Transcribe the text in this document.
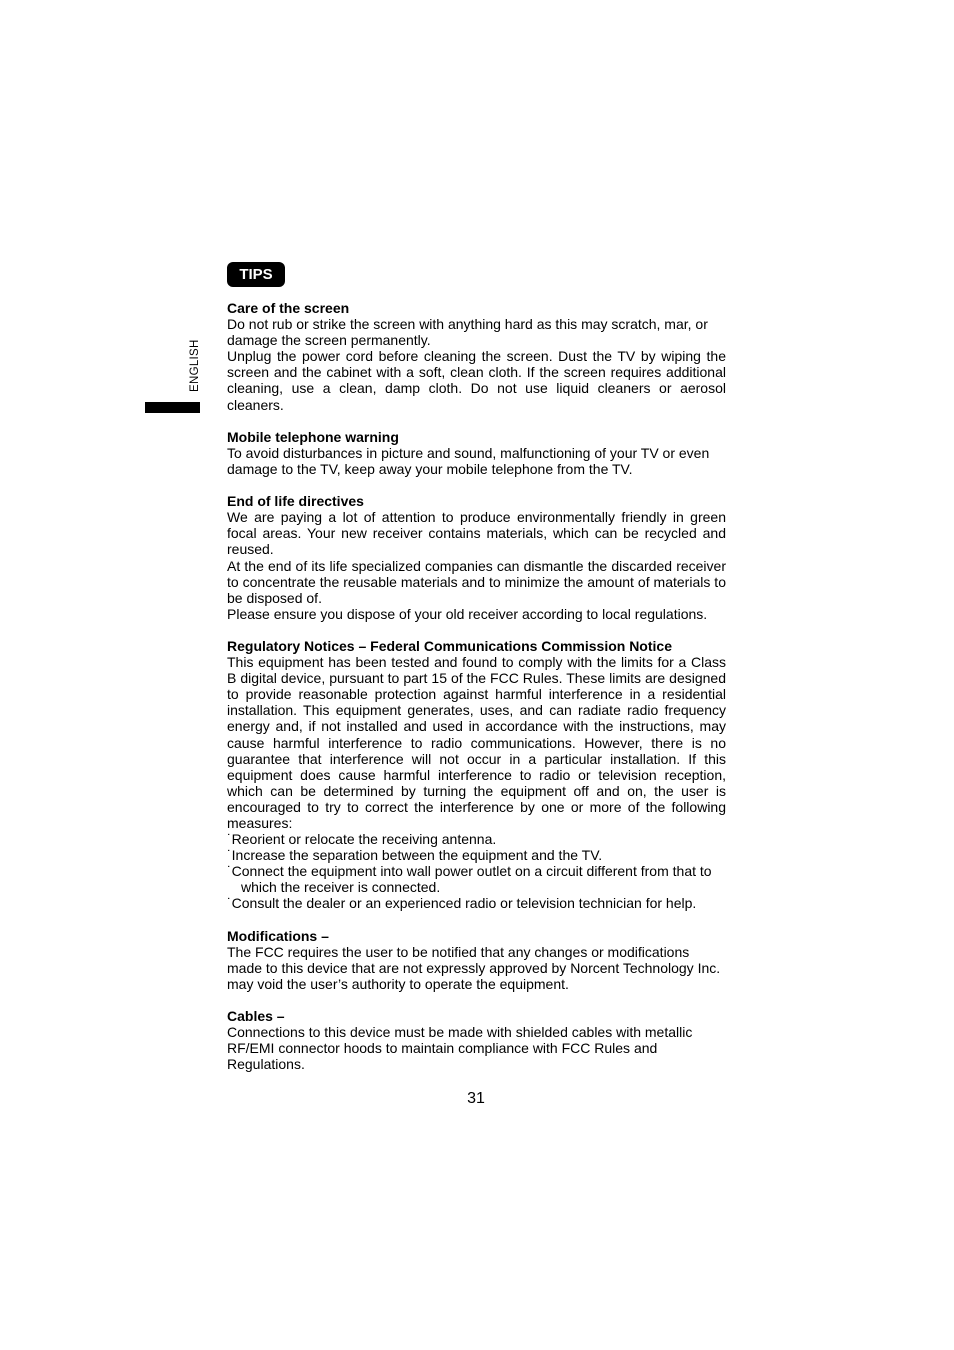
ENGLISH
TIPS
Care of the screen

Do not rub or strike the screen with anything hard as this may scratch, mar, or damage the screen permanently.

Unplug the power cord before cleaning the screen. Dust the TV by wiping the screen and the cabinet with a soft, clean cloth. If the screen requires additional cleaning, use a clean, damp cloth. Do not use liquid cleaners or aerosol cleaners.

Mobile telephone warning

To avoid disturbances in picture and sound, malfunctioning of your TV or even damage to the TV, keep away your mobile telephone from the TV.

End of life directives

We are paying a lot of attention to produce environmentally friendly in green focal areas. Your new receiver contains materials, which can be recycled and reused.

At the end of its life specialized companies can dismantle the discarded receiver to concentrate the reusable materials and to minimize the amount of materials to be disposed of.

Please ensure you dispose of your old receiver according to local regulations.

Regulatory Notices – Federal Communications Commission Notice

This equipment has been tested and found to comply with the limits for a Class B digital device, pursuant to part 15 of the FCC Rules. These limits are designed to provide reasonable protection against harmful interference in a residential installation. This equipment generates, uses, and can radiate radio frequency energy and, if not installed and used in accordance with the instructions, may cause harmful interference to radio communications. However, there is no guarantee that interference will not occur in a particular installation. If this equipment does cause harmful interference to radio or television reception, which can be determined by turning the equipment off and on, the user is encouraged to try to correct the interference by one or more of the following measures:

˙Reorient or relocate the receiving antenna.
˙Increase the separation between the equipment and the TV.
˙Connect the equipment into wall power outlet on a circuit different from that to which the receiver is connected.
˙Consult the dealer or an experienced radio or television technician for help.
Modifications –

The FCC requires the user to be notified that any changes or modifications made to this device that are not expressly approved by Norcent Technology Inc. may void the user’s authority to operate the equipment.

Cables –

Connections to this device must be made with shielded cables with metallic RF/EMI connector hoods to maintain compliance with FCC Rules and Regulations.

31
